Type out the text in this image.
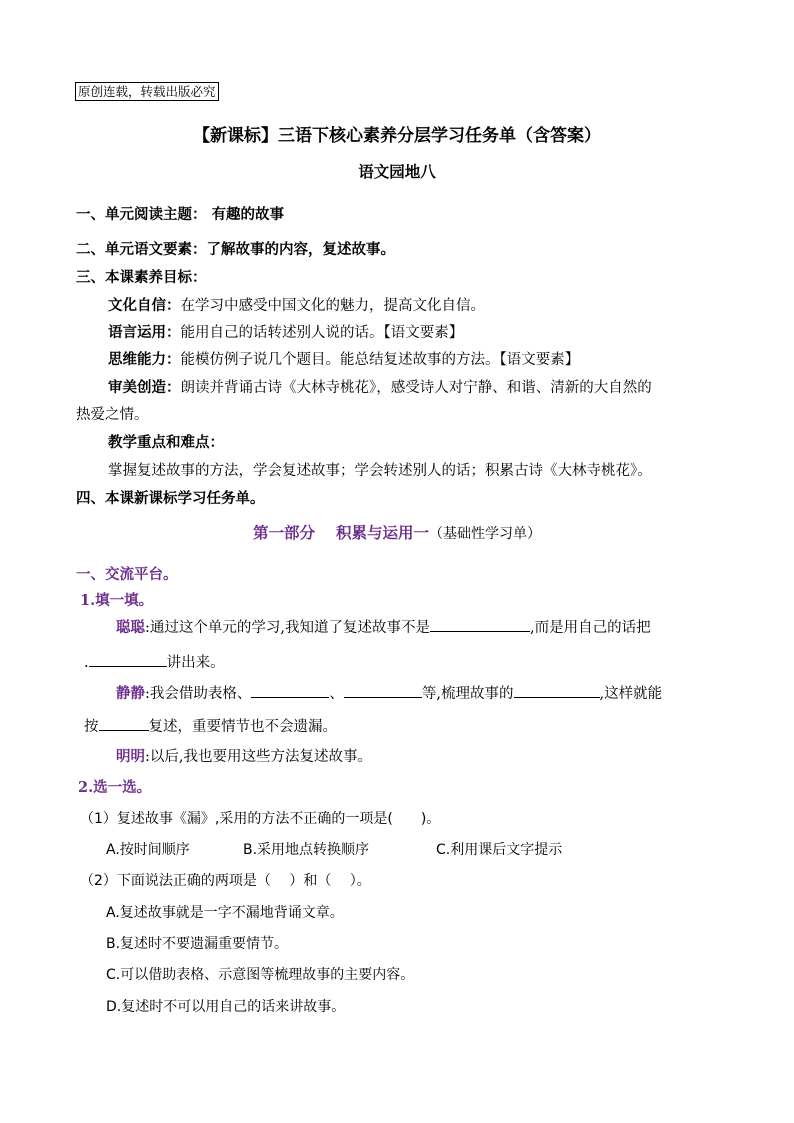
原创连载，转载出版必究
【新课标】三语下核心素养分层学习任务单（含答案）
语文园地八
一、单元阅读主题： 有趣的故事
二、单元语文要素：了解故事的内容，复述故事。
三、本课素养目标：
文化自信：在学习中感受中国文化的魅力，提高文化自信。
语言运用：能用自己的话转述别人说的话。【语文要素】
思维能力：能模仿例子说几个题目。能总结复述故事的方法。【语文要素】
审美创造：朗读并背诵古诗《大林寺桃花》，感受诗人对宁静、和谐、清新的大自然的
热爱之情。
教学重点和难点：
掌握复述故事的方法，学会复述故事；学会转述别人的话；积累古诗《大林寺桃花》。
四、本课新课标学习任务单。
第一部分　 积累与运用一（基础性学习单）
一、交流平台。
1.填一填。
聪聪:通过这个单元的学习,我知道了复述故事不是	,而是用自己的话把
.	讲出来。
静静:我会借助表格、	、	等,梳理故事的	,这样就能
按	复述，重要情节也不会遗漏。
明明:以后,我也要用这些方法复述故事。
2.选一选。
（1）复述故事《漏》,采用的方法不正确的一项是(　　)。
A.按时间顺序	B.采用地点转换顺序	C.利用课后文字提示
（2）下面说法正确的两项是（　 ）和（　 ）。
A.复述故事就是一字不漏地背诵文章。
B.复述时不要遗漏重要情节。
C.可以借助表格、示意图等梳理故事的主要内容。
D.复述时不可以用自己的话来讲故事。
